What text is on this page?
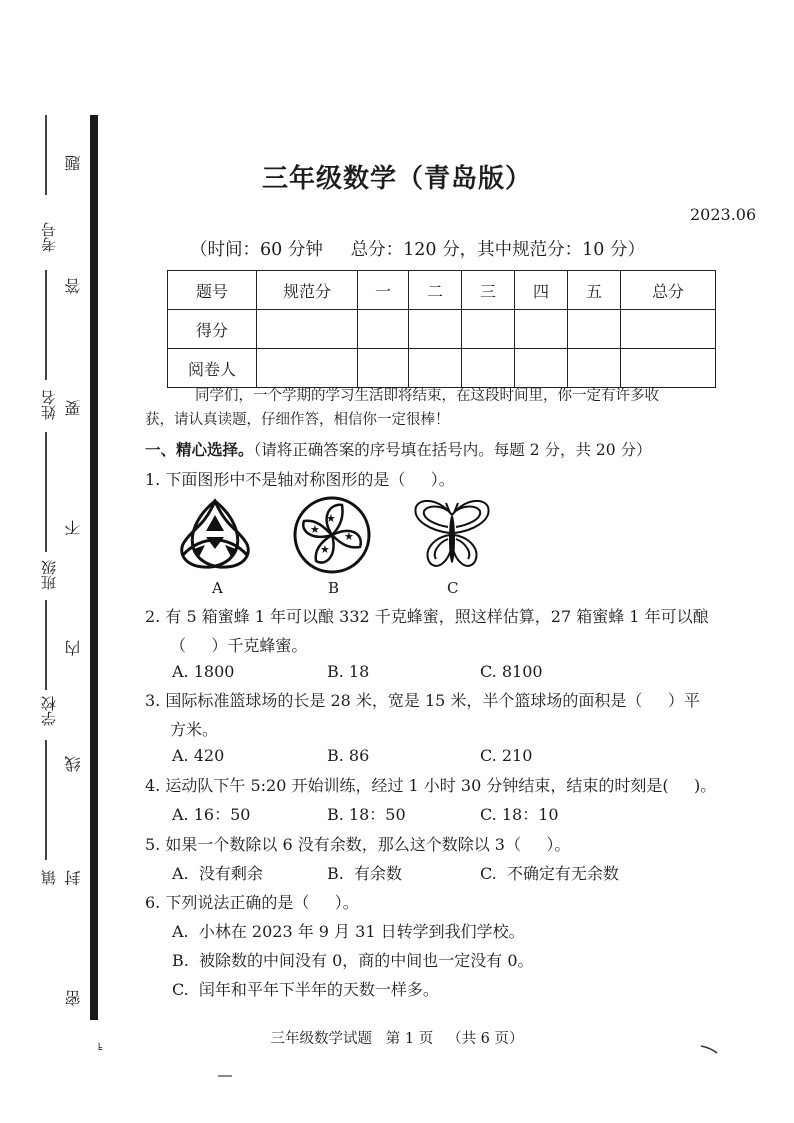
考号
姓名
班级
学校
镇
题
答
要
不
内
线
封
密
╘
三年级数学（青岛版）
2023.06
（时间：60 分钟     总分：120 分，其中规范分：10 分）
题号	规范分	一	二	三	四	五	总分
得分							
阅卷人							
同学们，一个学期的学习生活即将结束，在这段时间里，你一定有许多收
获，请认真读题，仔细作答，相信你一定很棒！
一、精心选择。（请将正确答案的序号填在括号内。每题 2 分，共 20 分）
1. 下面图形中不是轴对称图形的是（     ）。
★
★
★
★
A	B	C
2. 有 5 箱蜜蜂 1 年可以酿 332 千克蜂蜜，照这样估算，27 箱蜜蜂 1 年可以酿
（     ）千克蜂蜜。
A. 1800	B. 18	C. 8100
3. 国际标准篮球场的长是 28 米，宽是 15 米，半个篮球场的面积是（     ）平
方米。
A. 420	B. 86	C. 210
4. 运动队下午 5:20 开始训练，经过 1 小时 30 分钟结束，结束的时刻是(     )。
A. 16：50	B. 18：50	C. 18：10
5. 如果一个数除以 6 没有余数，那么这个数除以 3（     ）。
A.  没有剩余	B.  有余数	C.  不确定有无余数
6. 下列说法正确的是（     ）。
A.  小林在 2023 年 9 月 31 日转学到我们学校。
B.  被除数的中间没有 0，商的中间也一定没有 0。
C.  闰年和平年下半年的天数一样多。
三年级数学试题   第 1 页   （共 6 页）
